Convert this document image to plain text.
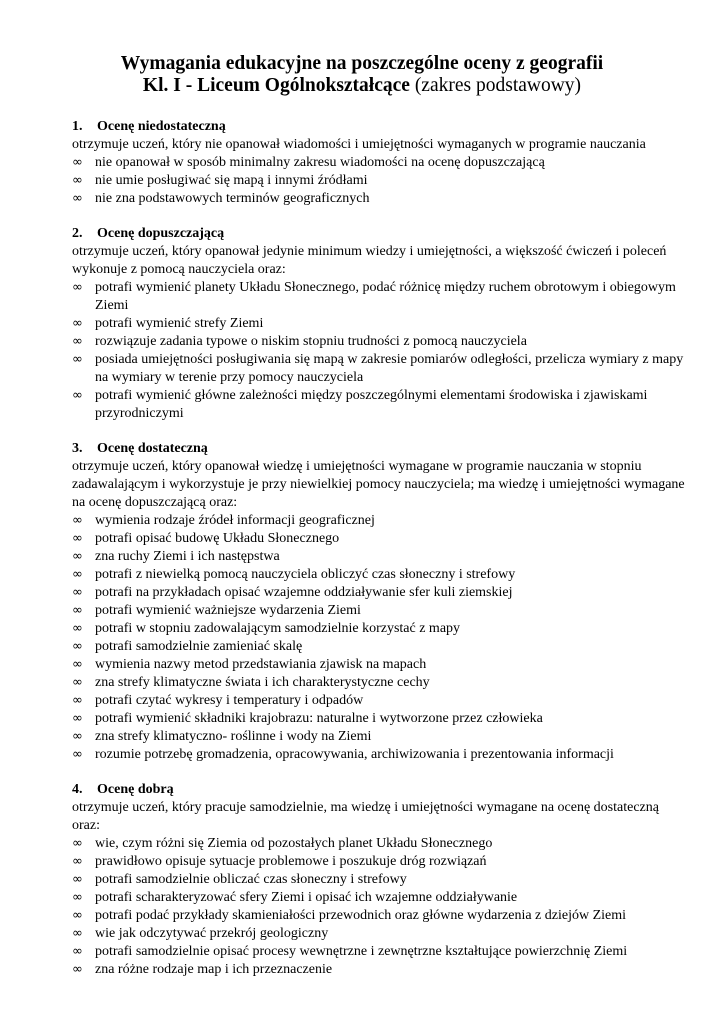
Wymagania edukacyjne na poszczególne oceny z geografii
Kl. I - Liceum Ogólnokształcące (zakres podstawowy)
1. Ocenę niedostateczną
otrzymuje uczeń, który nie opanował wiadomości i umiejętności wymaganych w programie nauczania
∞ nie opanował w sposób minimalny zakresu wiadomości na ocenę dopuszczającą
∞ nie umie posługiwać się mapą i innymi źródłami
∞ nie zna podstawowych terminów geograficznych
2. Ocenę dopuszczającą
otrzymuje uczeń, który opanował jedynie minimum wiedzy i umiejętności, a większość ćwiczeń i poleceń wykonuje z pomocą nauczyciela oraz:
∞ potrafi wymienić planety Układu Słonecznego, podać różnicę między ruchem obrotowym i obiegowym Ziemi
∞ potrafi wymienić strefy Ziemi
∞ rozwiązuje zadania typowe o niskim stopniu trudności z pomocą nauczyciela
∞ posiada umiejętności posługiwania się mapą w zakresie pomiarów odległości, przelicza wymiary z mapy na wymiary w terenie przy pomocy nauczyciela
∞ potrafi wymienić główne zależności między poszczególnymi elementami środowiska i zjawiskami przyrodniczymi
3. Ocenę dostateczną
otrzymuje uczeń, który opanował wiedzę i umiejętności wymagane w programie nauczania w stopniu zadawalającym i wykorzystuje je przy niewielkiej pomocy nauczyciela; ma wiedzę i umiejętności wymagane na ocenę dopuszczającą oraz:
∞ wymienia rodzaje źródeł informacji geograficznej
∞ potrafi opisać budowę Układu Słonecznego
∞ zna ruchy Ziemi i ich następstwa
∞ potrafi z niewielką pomocą nauczyciela obliczyć czas słoneczny i strefowy
∞ potrafi na przykładach opisać wzajemne oddziaływanie sfer kuli ziemskiej
∞ potrafi wymienić ważniejsze wydarzenia Ziemi
∞ potrafi w stopniu zadowalającym samodzielnie korzystać z mapy
∞ potrafi samodzielnie zamieniać skalę
∞ wymienia nazwy metod przedstawiania zjawisk na mapach
∞ zna strefy klimatyczne świata i ich charakterystyczne cechy
∞ potrafi czytać wykresy i temperatury i odpadów
∞ potrafi wymienić składniki krajobrazu: naturalne i wytworzone przez człowieka
∞ zna strefy klimatyczno- roślinne i wody na Ziemi
∞ rozumie potrzebę gromadzenia, opracowywania, archiwizowania i prezentowania informacji
4. Ocenę dobrą
otrzymuje uczeń, który pracuje samodzielnie, ma wiedzę i umiejętności wymagane na ocenę dostateczną oraz:
∞ wie, czym różni się Ziemia od pozostałych planet Układu Słonecznego
∞ prawidłowo opisuje sytuacje problemowe i poszukuje dróg rozwiązań
∞ potrafi samodzielnie obliczać czas słoneczny i strefowy
∞ potrafi scharakteryzować sfery Ziemi i opisać ich wzajemne oddziaływanie
∞ potrafi podać przykłady skamieniałości przewodnich oraz główne wydarzenia z dziejów Ziemi
∞ wie jak odczytywać przekrój geologiczny
∞ potrafi samodzielnie opisać procesy wewnętrzne i zewnętrzne kształtujące powierzchnię Ziemi
∞ zna różne rodzaje map i ich przeznaczenie
